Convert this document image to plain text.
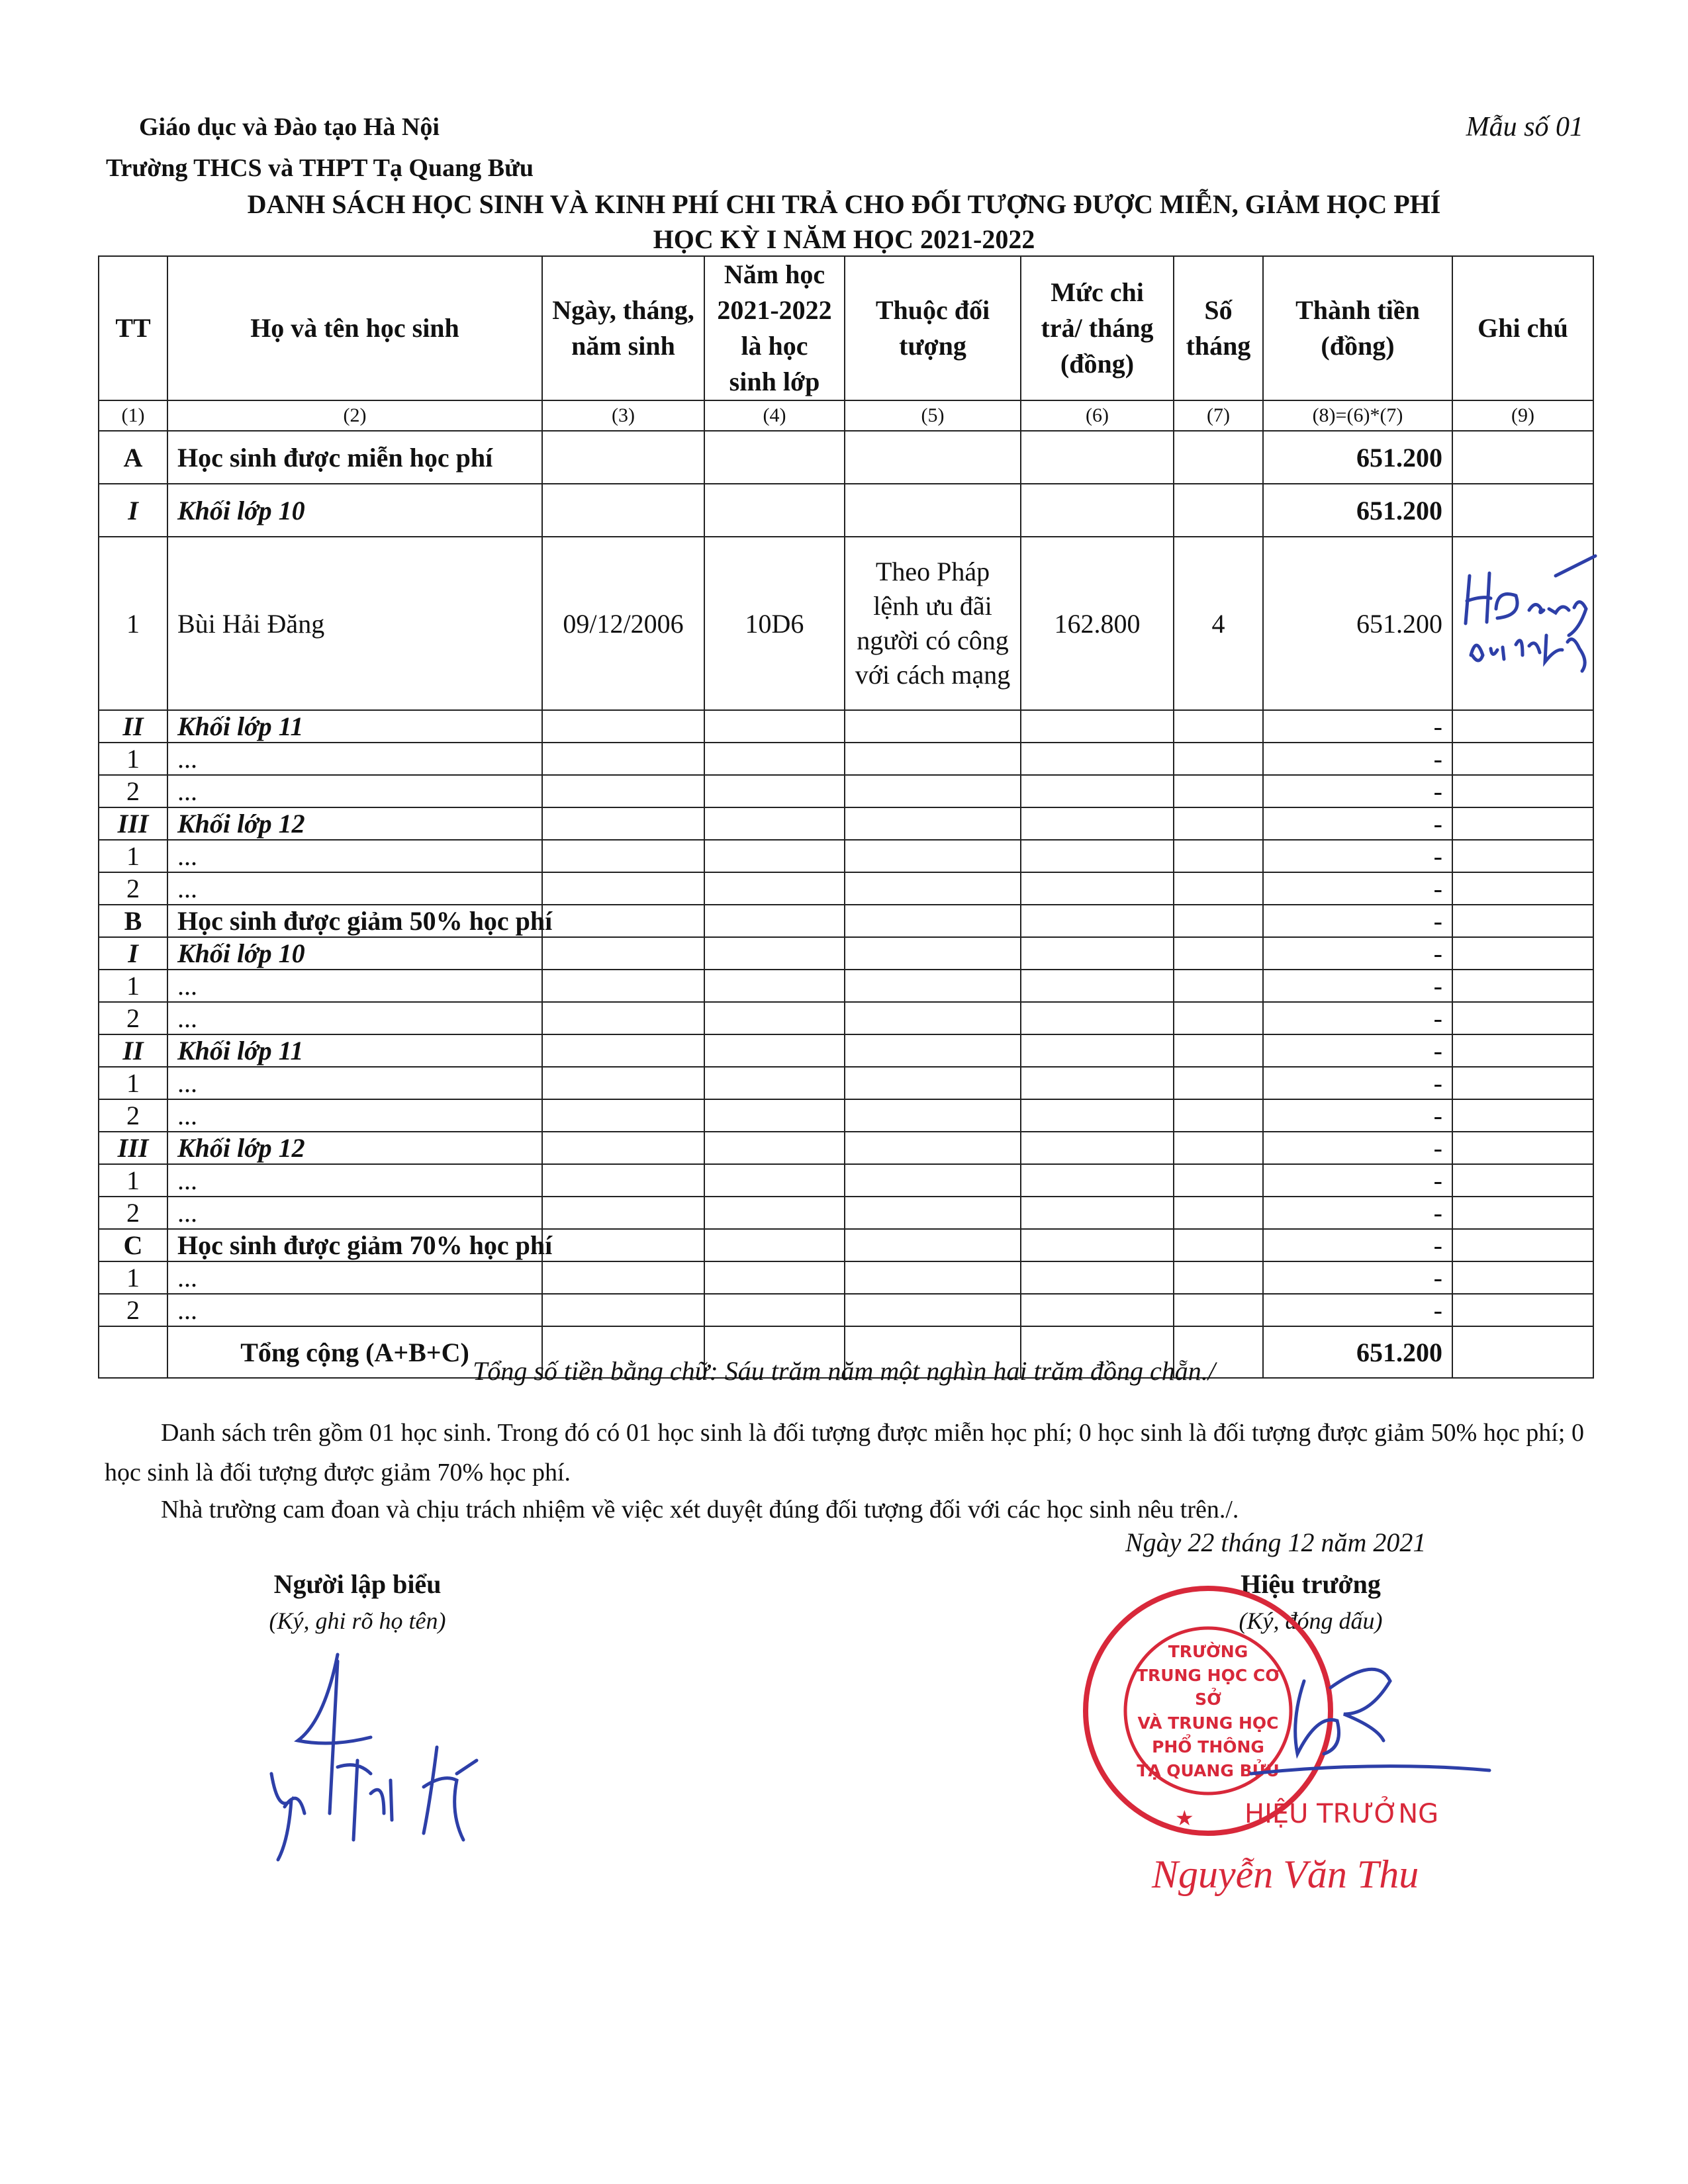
Giáo dục và Đào tạo Hà Nội
Trường THCS và THPT Tạ Quang Bửu
Mẫu số 01
DANH SÁCH HỌC SINH VÀ KINH PHÍ CHI TRẢ CHO ĐỐI TƯỢNG ĐƯỢC MIỄN, GIẢM HỌC PHÍ
HỌC KỲ I NĂM HỌC 2021-2022
TT	Họ và tên học sinh	Ngày, tháng, năm sinh	Năm học 2021-2022 là học sinh lớp	Thuộc đối tượng	Mức chi trả/ tháng (đồng)	Số tháng	Thành tiền (đồng)	Ghi chú
(1)	(2)	(3)	(4)	(5)	(6)	(7)	(8)=(6)*(7)	(9)
A	Học sinh được miễn học phí						651.200	
I	Khối lớp 10						651.200	
1	Bùi Hải Đăng	09/12/2006	10D6	Theo Pháp lệnh ưu đãi người có công với cách mạng	162.800	4	651.200	
II	Khối lớp 11						-	
1	...						-	
2	...						-	
III	Khối lớp 12						-	
1	...						-	
2	...						-	
B	Học sinh được giảm 50% học phí						-	
I	Khối lớp 10						-	
1	...						-	
2	...						-	
II	Khối lớp 11						-	
1	...						-	
2	...						-	
III	Khối lớp 12						-	
1	...						-	
2	...						-	
C	Học sinh được giảm 70% học phí						-	
1	...						-	
2	...						-	
	Tổng cộng (A+B+C)						651.200	
Tổng số tiền bằng chữ: Sáu trăm năm một nghìn hai trăm đồng chẵn./
Danh sách trên gồm 01 học sinh. Trong đó có 01 học sinh là đối tượng được miễn học phí; 0 học sinh là đối tượng được giảm 50% học phí; 0 học sinh là đối tượng được giảm 70% học phí.
Nhà trường cam đoan và chịu trách nhiệm về việc xét duyệt đúng đối tượng đối với các học sinh nêu trên./.
Ngày 22 tháng 12 năm 2021
Người lập biểu
(Ký, ghi rõ họ tên)
Hiệu trưởng
(Ký, đóng dấu)
★
TRƯỜNG
TRUNG HỌC CƠ SỞ
VÀ TRUNG HỌC
PHỔ THÔNG
TẠ QUANG BỬU
HIỆU TRƯỞNG
Nguyễn Văn Thu
